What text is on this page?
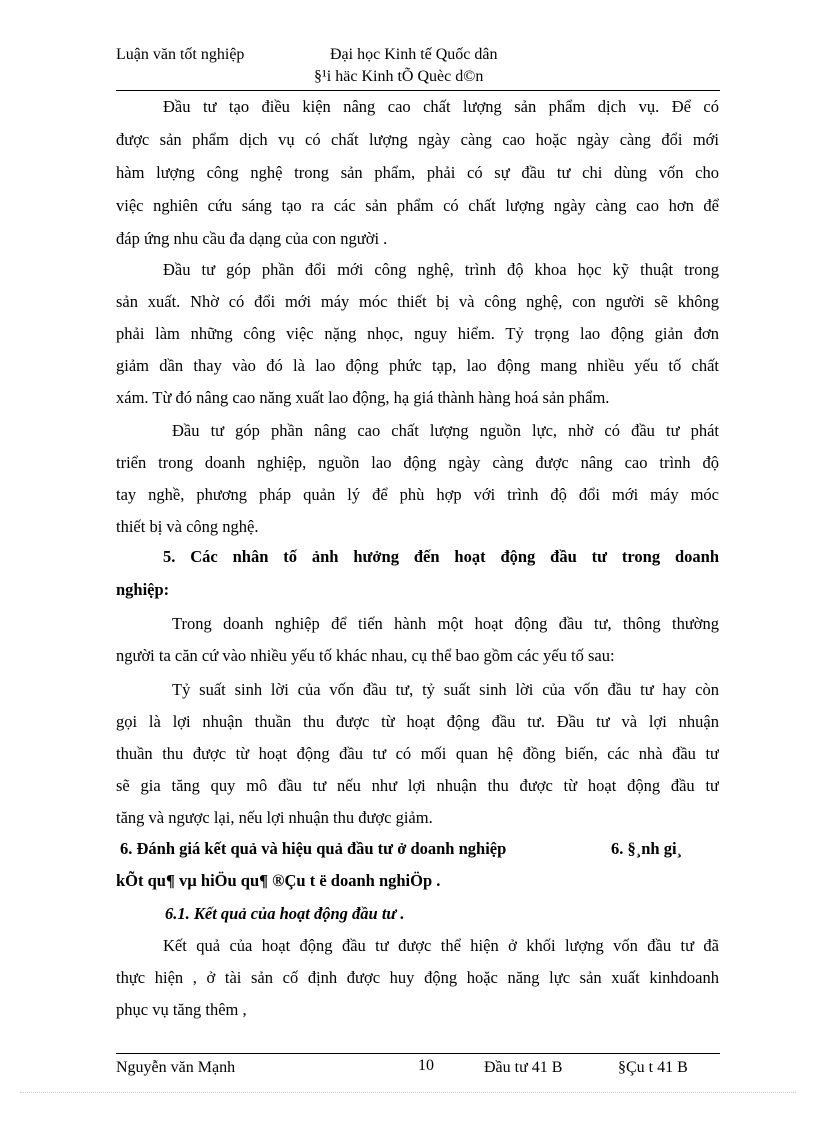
Luận văn tốt nghiệp	Đại học Kinh tế Quốc dân
§¹i häc Kinh tÕ Quèc d©n
Đầu tư tạo điều kiện nâng cao chất lượng sản phẩm dịch vụ. Để có
được sản phẩm dịch vụ có chất lượng ngày càng cao hoặc ngày càng đổi mới
hàm lượng công nghệ trong sản phẩm, phải có sự đầu tư chi dùng vốn cho
việc nghiên cứu sáng tạo ra các sản phẩm có chất lượng ngày càng cao hơn để
đáp ứng nhu cầu đa dạng của con người .
Đầu tư góp phần đổi mới công nghệ, trình độ khoa học kỹ thuật trong
sản xuất. Nhờ có đổi mới máy móc thiết bị và công nghệ, con người sẽ không
phải làm những công việc nặng nhọc, nguy hiểm. Tỷ trọng lao động giản đơn
giảm dần thay vào đó là lao động phức tạp, lao động mang nhiều yếu tố chất
xám. Từ đó nâng cao năng xuất lao động, hạ giá thành hàng hoá sản phẩm.
Đầu tư góp phần nâng cao chất lượng nguồn lực, nhờ có đầu tư phát
triển trong doanh nghiệp, nguồn lao động ngày càng được nâng cao trình độ
tay nghề, phương pháp quản lý để phù hợp với trình độ đổi mới máy móc
thiết bị và công nghệ.
5. Các nhân tố ảnh hưởng đến hoạt động đầu tư trong doanh
nghiệp:
Trong doanh nghiệp để tiến hành một hoạt động đầu tư, thông thường
người ta căn cứ vào nhiều yếu tố khác nhau, cụ thể bao gồm các yếu tố sau:
Tỷ suất sinh lời của vốn đầu tư, tỷ suất sinh lời của vốn đầu tư hay còn
gọi là lợi nhuận thuần thu được từ hoạt động đầu tư. Đầu tư và lợi nhuận
thuần thu được từ hoạt động đầu tư có mối quan hệ đồng biến, các nhà đầu tư
sẽ gia tăng quy mô đầu tư nếu như lợi nhuận thu được từ hoạt động đầu tư
tăng và ngược lại, nếu lợi nhuận thu được giảm.
6. Đánh giá kết quả và hiệu quả đầu tư ở doanh nghiệp	6. §¸nh gi¸
kÕt qu¶ vµ hiÖu qu¶ ®Çu t ë doanh nghiÖp .
6.1. Kết quả của hoạt động đầu tư .
Kết quả của hoạt động đầu tư được thể hiện ở khối lượng vốn đầu tư đã
thực hiện , ở tài sản cố định được huy động hoặc năng lực sản xuất kinhdoanh
phục vụ tăng thêm ,
Nguyễn văn Mạnh	10	Đầu tư 41 B	§Çu t 41 B
